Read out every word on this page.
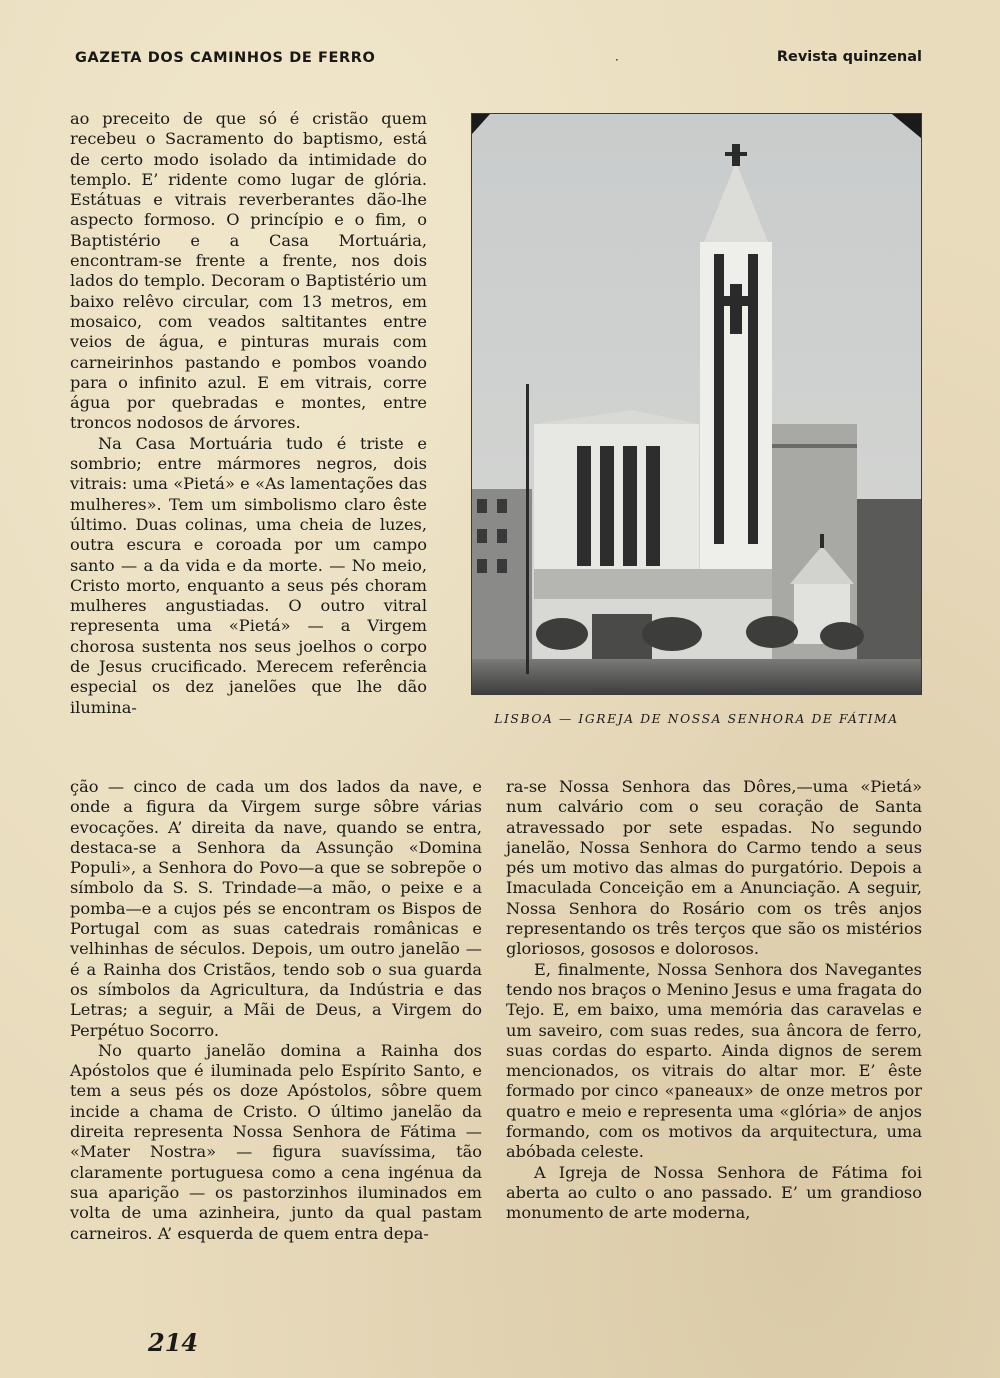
GAZETA DOS CAMINHOS DE FERRO	·	Revista quinzenal

ao preceito de que só é cristão quem recebeu o Sacramento do baptismo, está de certo modo isolado da intimidade do templo. E’ ridente como lugar de glória. Estátuas e vitrais reverberantes dão-lhe aspecto formoso. O princípio e o fim, o Baptistério e a Casa Mortuária, encontram-se frente a frente, nos dois lados do templo. Decoram o Baptistério um baixo relêvo circular, com 13 metros, em mosaico, com veados saltitantes entre veios de água, e pinturas murais com carneirinhos pastando e pombos voando para o infinito azul. E em vitrais, corre água por quebradas e montes, entre troncos nodosos de árvores.

Na Casa Mortuária tudo é triste e sombrio; entre mármores negros, dois vitrais: uma «Pietá» e «As lamentações das mulheres». Tem um simbolismo claro êste último. Duas colinas, uma cheia de luzes, outra escura e coroada por um campo santo — a da vida e da morte. — No meio, Cristo morto, enquanto a seus pés choram mulheres angustiadas. O outro vitral representa uma «Pietá» — a Virgem chorosa sustenta nos seus joelhos o corpo de Jesus crucificado. Merecem referência especial os dez janelões que lhe dão ilumina-

LISBOA — IGREJA DE NOSSA SENHORA DE FÁTIMA

ção — cinco de cada um dos lados da nave, e onde a figura da Virgem surge sôbre várias evocações. A’ direita da nave, quando se entra, destaca-se a Senhora da Assunção «Domina Populi», a Senhora do Povo—a que se sobrepõe o símbolo da S. S. Trindade—a mão, o peixe e a pomba—e a cujos pés se encontram os Bispos de Portugal com as suas catedrais românicas e velhinhas de séculos. Depois, um outro janelão — é a Rainha dos Cristãos, tendo sob o sua guarda os símbolos da Agricultura, da Indústria e das Letras; a seguir, a Mãi de Deus, a Virgem do Perpétuo Socorro.

No quarto janelão domina a Rainha dos Apóstolos que é iluminada pelo Espírito Santo, e tem a seus pés os doze Apóstolos, sôbre quem incide a chama de Cristo. O último janelão da direita representa Nossa Senhora de Fátima — «Mater Nostra» — figura suavíssima, tão claramente portuguesa como a cena ingénua da sua aparição — os pastorzinhos iluminados em volta de uma azinheira, junto da qual pastam carneiros. A’ esquerda de quem entra depa-

ra-se Nossa Senhora das Dôres,—uma «Pietá» num calvário com o seu coração de Santa atravessado por sete espadas. No segundo janelão, Nossa Senhora do Carmo tendo a seus pés um motivo das almas do purgatório. Depois a Imaculada Conceição em a Anunciação. A seguir, Nossa Senhora do Rosário com os três anjos representando os três terços que são os mistérios gloriosos, gososos e dolorosos.

E, finalmente, Nossa Senhora dos Navegantes tendo nos braços o Menino Jesus e uma fragata do Tejo. E, em baixo, uma memória das caravelas e um saveiro, com suas redes, sua âncora de ferro, suas cordas do esparto. Ainda dignos de serem mencionados, os vitrais do altar mor. E’ êste formado por cinco «paneaux» de onze metros por quatro e meio e representa uma «glória» de anjos formando, com os motivos da arquitectura, uma abóbada celeste.

A Igreja de Nossa Senhora de Fátima foi aberta ao culto o ano passado. E’ um grandioso monumento de arte moderna,

214
